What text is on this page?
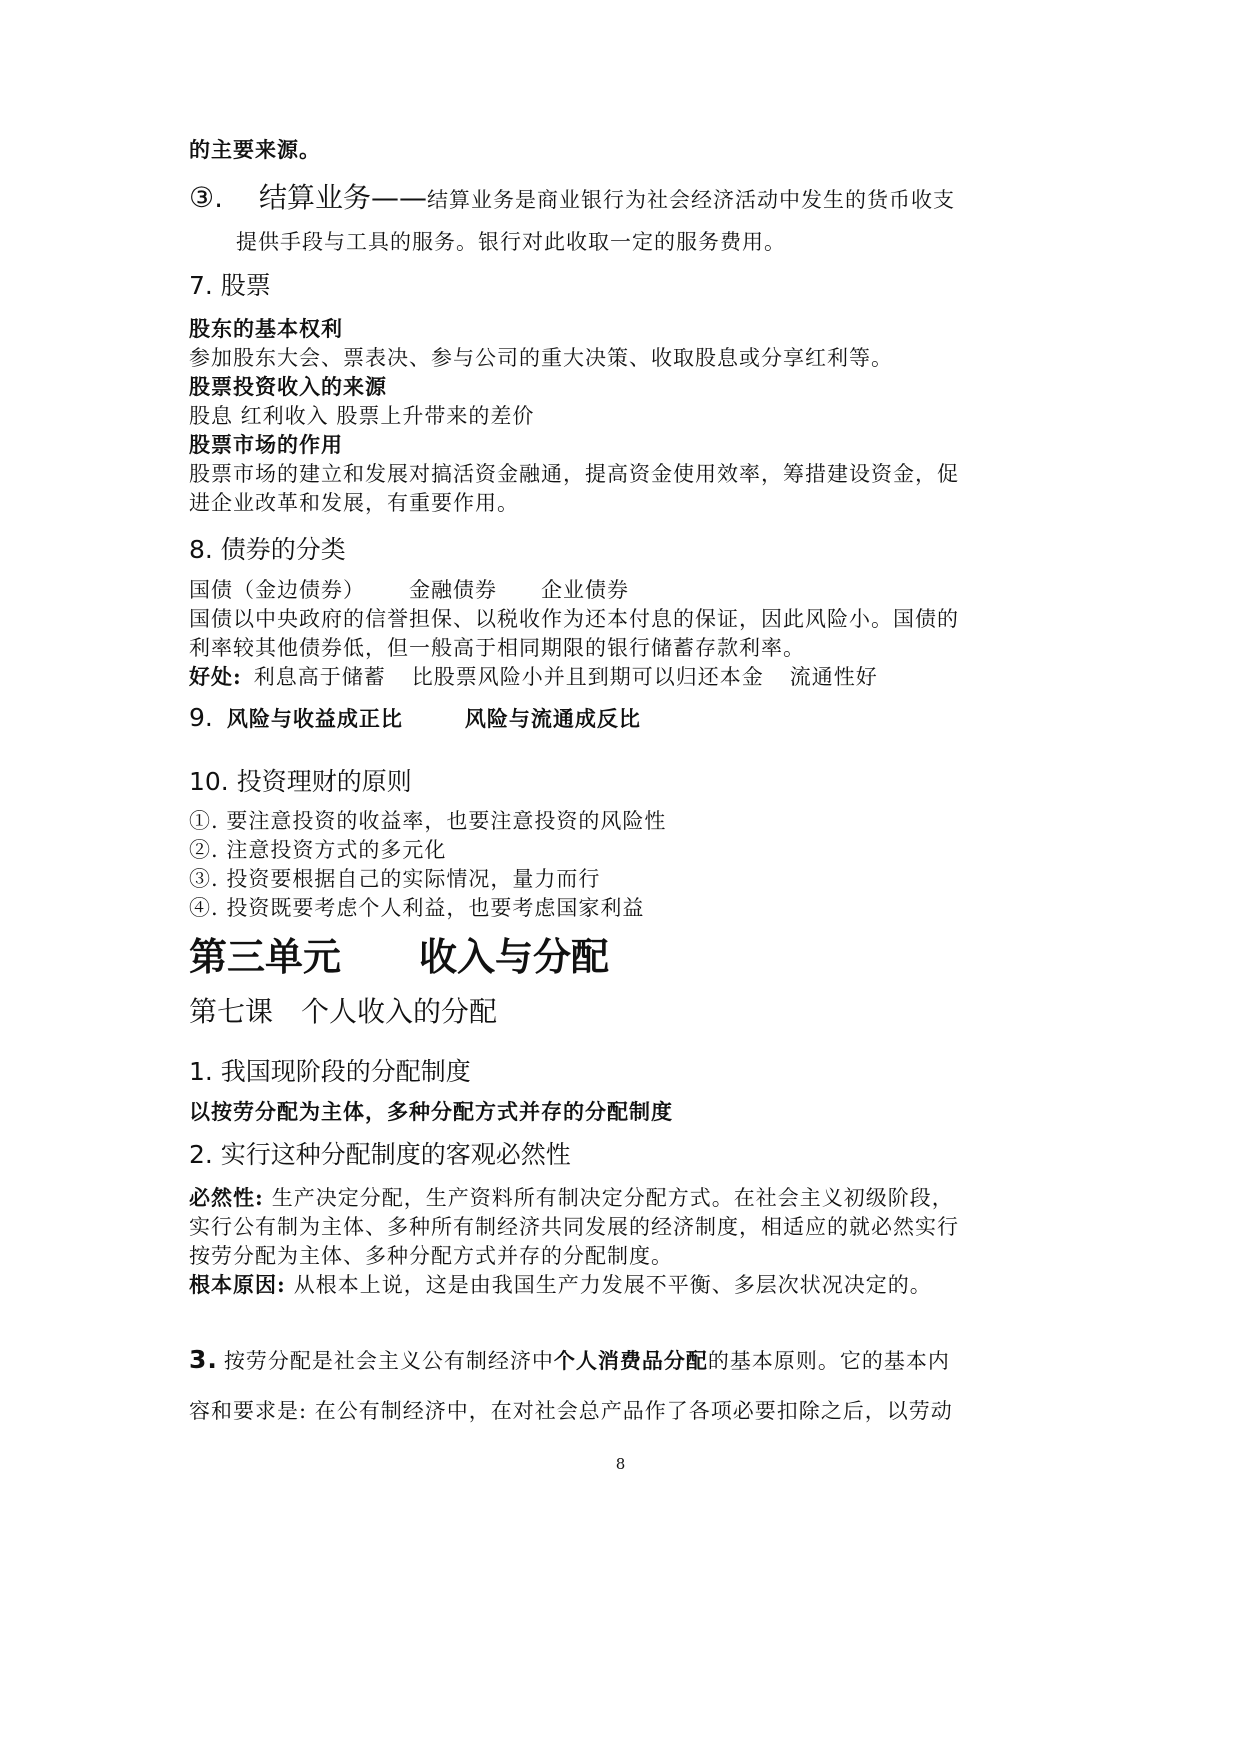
的主要来源。
③. 结算业务——结算业务是商业银行为社会经济活动中发生的货币收支
提供手段与工具的服务。银行对此收取一定的服务费用。
7. 股票
股东的基本权利
参加股东大会、票表决、参与公司的重大决策、收取股息或分享红利等。
股票投资收入的来源
股息 红利收入 股票上升带来的差价
股票市场的作用
股票市场的建立和发展对搞活资金融通，提高资金使用效率，筹措建设资金，促
进企业改革和发展，有重要作用。
8. 债券的分类
国债（金边债券） 金融债券 企业债券
国债以中央政府的信誉担保、以税收作为还本付息的保证，因此风险小。国债的
利率较其他债券低，但一般高于相同期限的银行储蓄存款利率。
好处: 利息高于储蓄 比股票风险小并且到期可以归还本金 流通性好
9. 风险与收益成正比	风险与流通成反比
10. 投资理财的原则
①. 要注意投资的收益率，也要注意投资的风险性
②. 注意投资方式的多元化
③. 投资要根据自己的实际情况，量力而行
④. 投资既要考虑个人利益，也要考虑国家利益
第三单元 收入与分配
第七课 个人收入的分配
1. 我国现阶段的分配制度
以按劳分配为主体，多种分配方式并存的分配制度
2. 实行这种分配制度的客观必然性
必然性: 生产决定分配，生产资料所有制决定分配方式。在社会主义初级阶段，
实行公有制为主体、多种所有制经济共同发展的经济制度，相适应的就必然实行
按劳分配为主体、多种分配方式并存的分配制度。
根本原因: 从根本上说，这是由我国生产力发展不平衡、多层次状况决定的。
3. 按劳分配是社会主义公有制经济中个人消费品分配的基本原则。它的基本内
容和要求是: 在公有制经济中，在对社会总产品作了各项必要扣除之后，以劳动
8
